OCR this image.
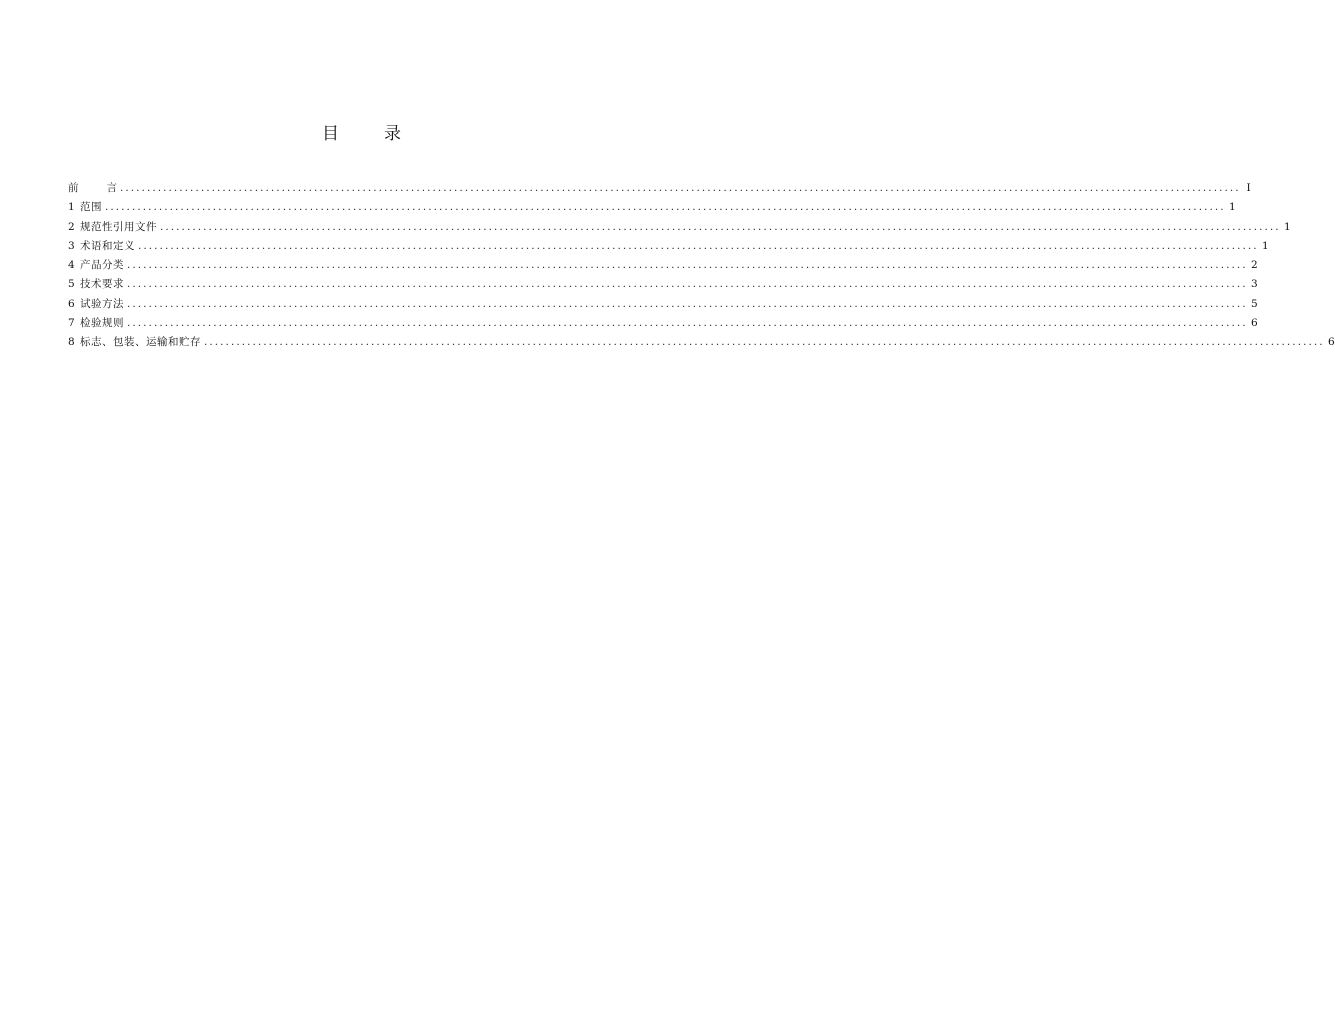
目	录
前	言 ................................................................................................................................................................................................................ I
1 范围 ................................................................................................................................................................................................................ 1
2 规范性引用文件 ................................................................................................................................................................................................................ 1
3 术语和定义 ................................................................................................................................................................................................................ 1
4 产品分类 ................................................................................................................................................................................................................ 2
5 技术要求 ................................................................................................................................................................................................................ 3
6 试验方法 ................................................................................................................................................................................................................ 5
7 检验规则 ................................................................................................................................................................................................................ 6
8 标志、包装、运输和贮存 ................................................................................................................................................................................................................ 6
